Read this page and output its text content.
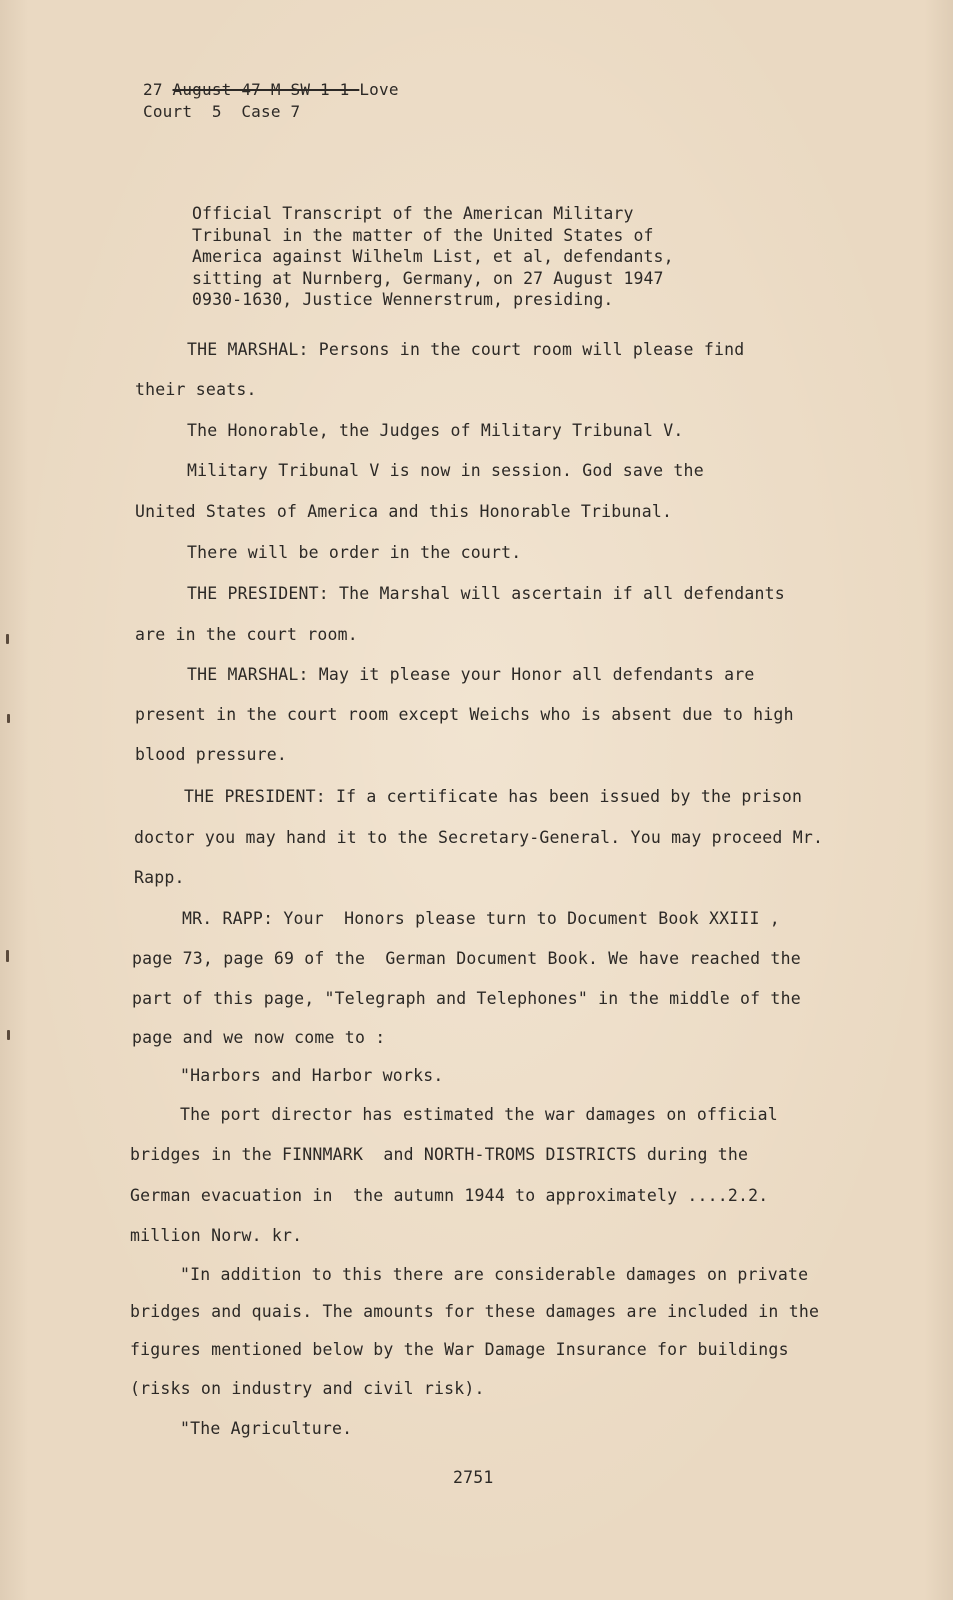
27 August 47-M-SW-1-1-Love
Court  5  Case 7
Official Transcript of the American Military
Tribunal in the matter of the United States of
America against Wilhelm List, et al, defendants,
sitting at Nurnberg, Germany, on 27 August 1947
0930-1630, Justice Wennerstrum, presiding.
THE MARSHAL: Persons in the court room will please find
their seats.
The Honorable, the Judges of Military Tribunal V.
Military Tribunal V is now in session. God save the
United States of America and this Honorable Tribunal.
There will be order in the court.
THE PRESIDENT: The Marshal will ascertain if all defendants
are in the court room.
THE MARSHAL: May it please your Honor all defendants are
present in the court room except Weichs who is absent due to high
blood pressure.
THE PRESIDENT: If a certificate has been issued by the prison
doctor you may hand it to the Secretary-General. You may proceed Mr.
Rapp.
MR. RAPP: Your  Honors please turn to Document Book XXIII ,
page 73, page 69 of the  German Document Book. We have reached the
part of this page, "Telegraph and Telephones" in the middle of the
page and we now come to :
"Harbors and Harbor works.
The port director has estimated the war damages on official
bridges in the FINNMARK  and NORTH-TROMS DISTRICTS during the
German evacuation in  the autumn 1944 to approximately ....2.2.
million Norw. kr.
"In addition to this there are considerable damages on private
bridges and quais. The amounts for these damages are included in the
figures mentioned below by the War Damage Insurance for buildings
(risks on industry and civil risk).
"The Agriculture.
2751
